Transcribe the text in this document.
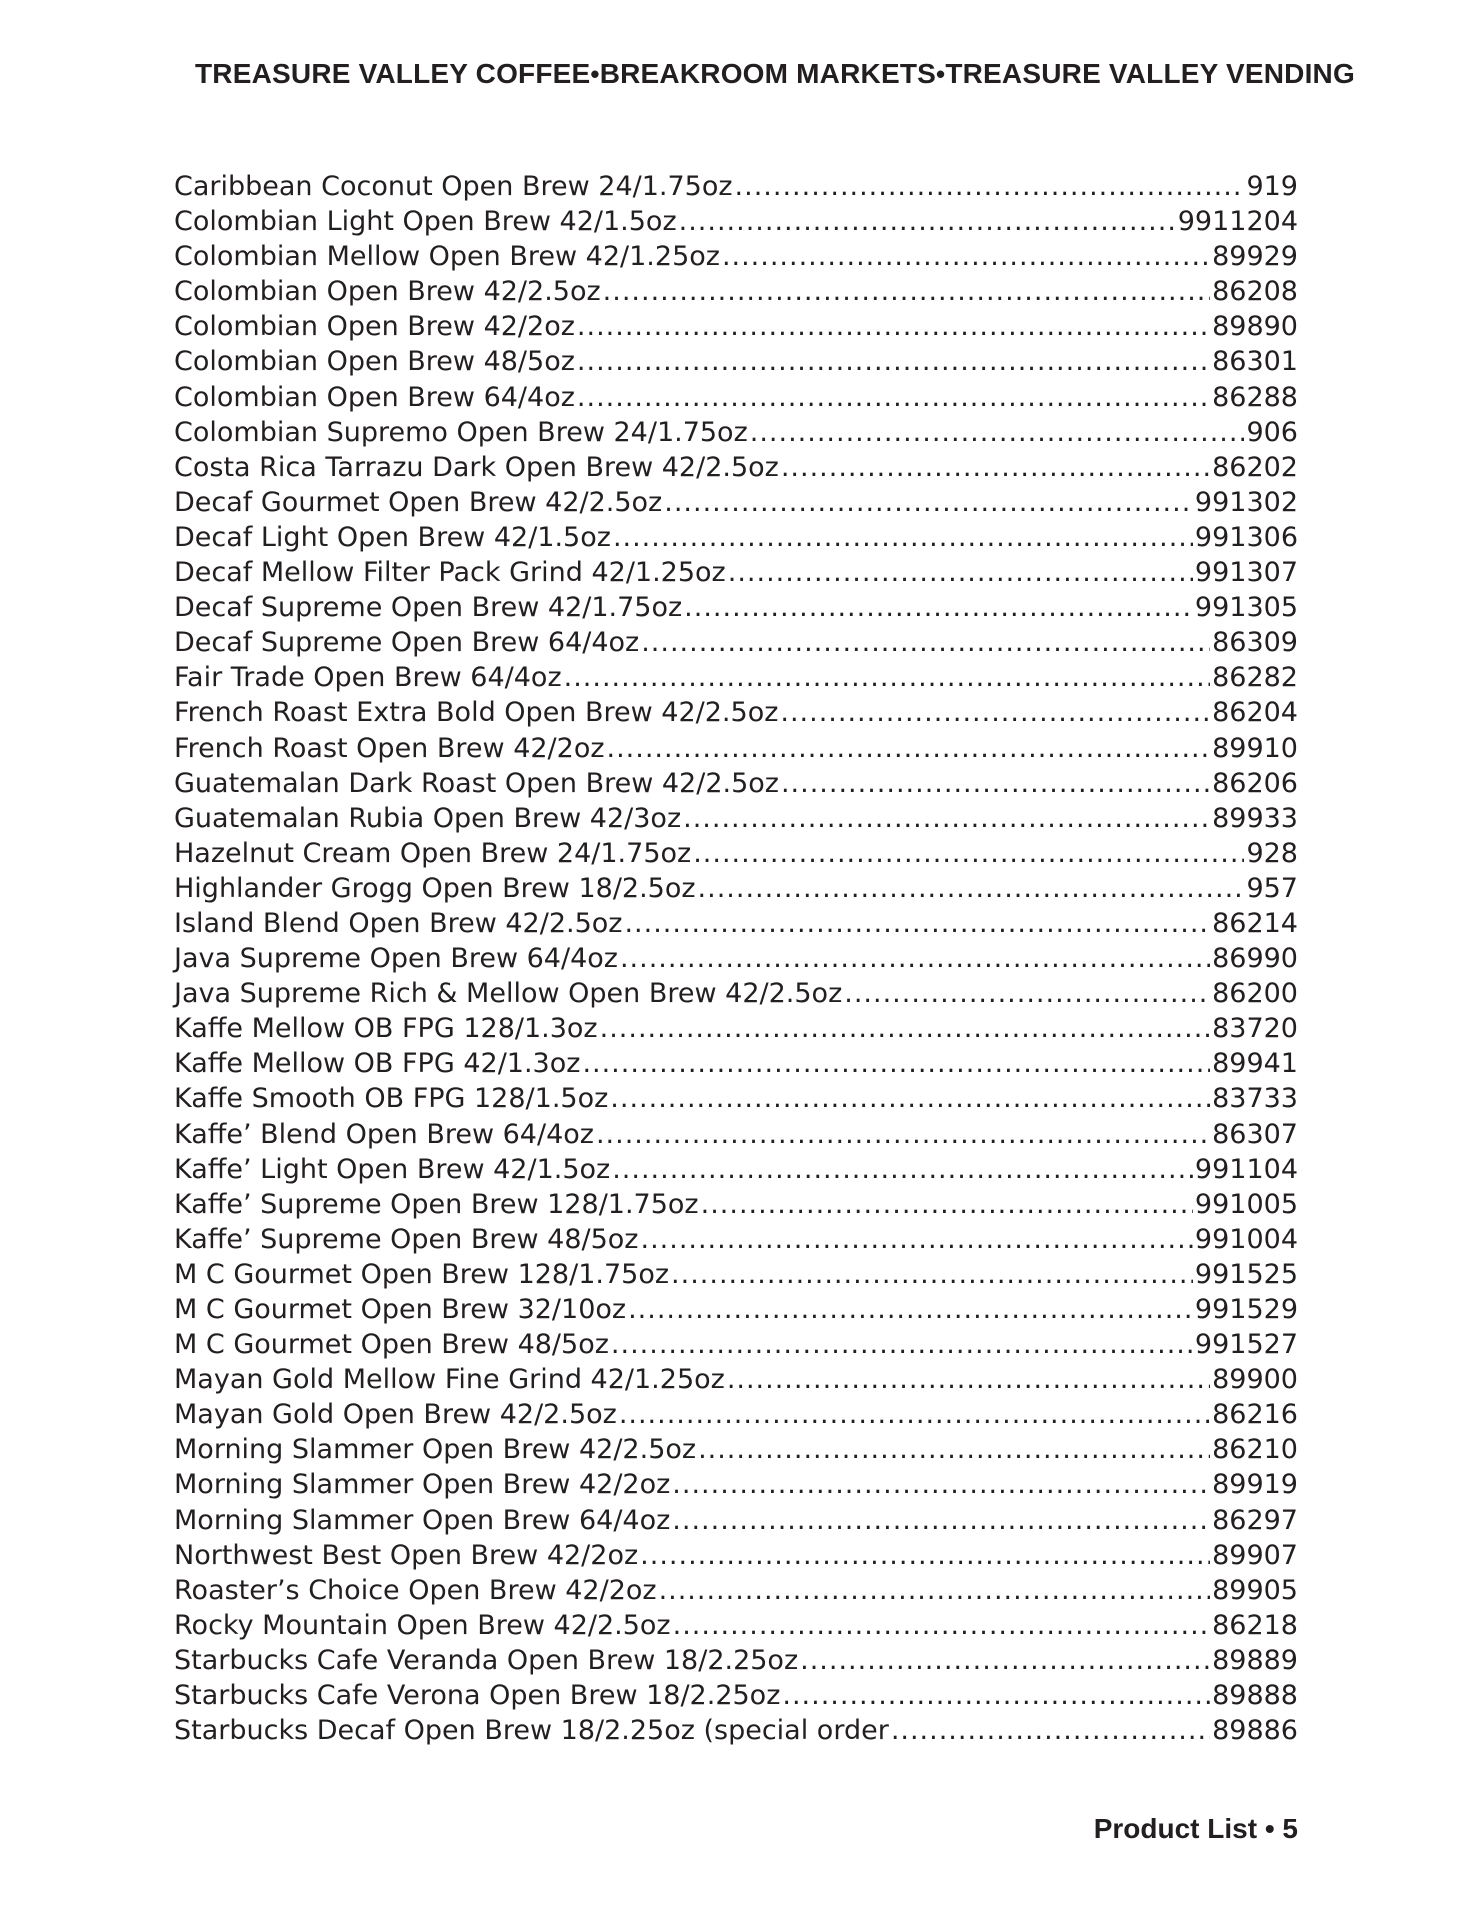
TREASURE VALLEY COFFEE • BREAKROOM MARKETS • TREASURE VALLEY VENDING
Caribbean Coconut Open Brew 24/1.75oz .....	919
Colombian Light Open Brew 42/1.5oz .....	9911204
Colombian Mellow Open Brew 42/1.25oz .....	89929
Colombian Open Brew 42/2.5oz .....	86208
Colombian Open Brew 42/2oz .....	89890
Colombian Open Brew 48/5oz .....	86301
Colombian Open Brew 64/4oz .....	86288
Colombian Supremo Open Brew 24/1.75oz .....	906
Costa Rica Tarrazu Dark Open Brew 42/2.5oz .....	86202
Decaf Gourmet Open Brew 42/2.5oz .....	991302
Decaf Light Open Brew 42/1.5oz .....	991306
Decaf Mellow Filter Pack Grind 42/1.25oz .....	991307
Decaf Supreme Open Brew 42/1.75oz .....	991305
Decaf Supreme Open Brew 64/4oz .....	86309
Fair Trade Open Brew 64/4oz .....	86282
French Roast Extra Bold Open Brew 42/2.5oz .....	86204
French Roast Open Brew 42/2oz .....	89910
Guatemalan Dark Roast Open Brew 42/2.5oz .....	86206
Guatemalan Rubia Open Brew 42/3oz .....	89933
Hazelnut Cream Open Brew 24/1.75oz .....	928
Highlander Grogg Open Brew 18/2.5oz .....	957
Island Blend Open Brew 42/2.5oz .....	86214
Java Supreme Open Brew 64/4oz .....	86990
Java Supreme Rich & Mellow Open Brew 42/2.5oz .....	86200
Kaffe Mellow OB FPG 128/1.3oz .....	83720
Kaffe Mellow OB FPG 42/1.3oz .....	89941
Kaffe Smooth OB FPG 128/1.5oz .....	83733
Kaffe’ Blend Open Brew 64/4oz .....	86307
Kaffe’ Light Open Brew 42/1.5oz .....	991104
Kaffe’ Supreme Open Brew 128/1.75oz .....	991005
Kaffe’ Supreme Open Brew 48/5oz .....	991004
M C Gourmet Open Brew 128/1.75oz .....	991525
M C Gourmet Open Brew 32/10oz .....	991529
M C Gourmet Open Brew 48/5oz .....	991527
Mayan Gold Mellow Fine Grind 42/1.25oz .....	89900
Mayan Gold Open Brew 42/2.5oz .....	86216
Morning Slammer Open Brew 42/2.5oz .....	86210
Morning Slammer Open Brew 42/2oz .....	89919
Morning Slammer Open Brew 64/4oz .....	86297
Northwest Best Open Brew 42/2oz .....	89907
Roaster’s Choice Open Brew 42/2oz .....	89905
Rocky Mountain Open Brew 42/2.5oz .....	86218
Starbucks Cafe Veranda Open Brew 18/2.25oz .....	89889
Starbucks Cafe Verona Open Brew 18/2.25oz .....	89888
Starbucks Decaf Open Brew 18/2.25oz (special order .....	89886
Product List • 5
